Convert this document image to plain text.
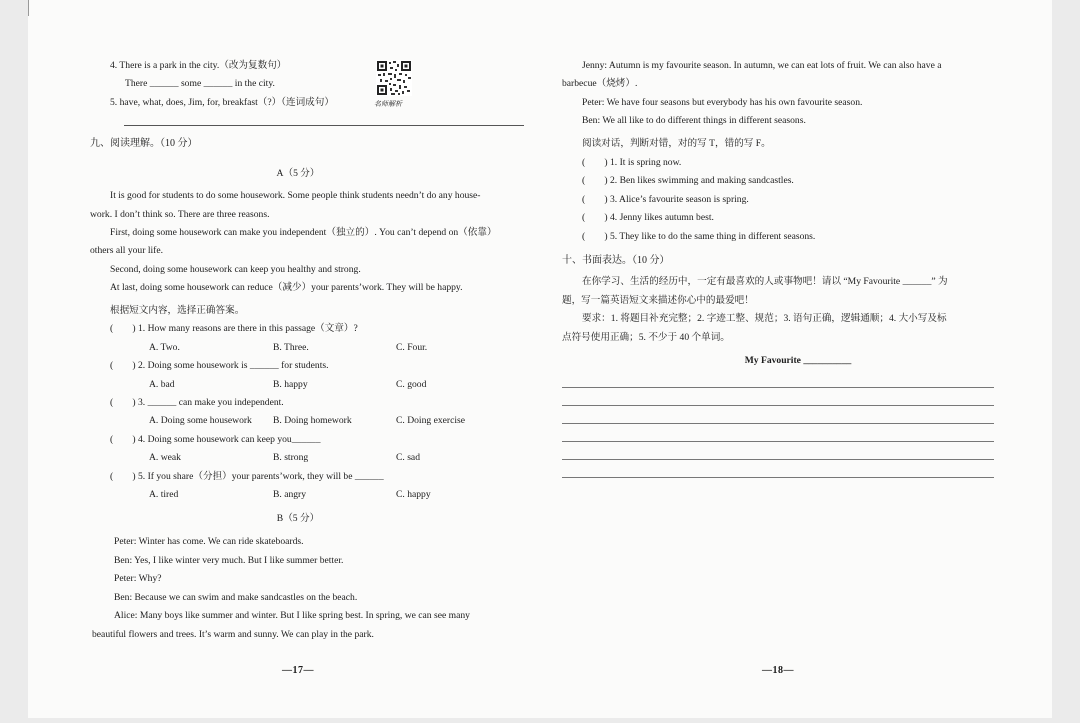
4. There is a park in the city.（改为复数句）
There ______ some ______ in the city.
5. have, what, does, Jim, for, breakfast（?）（连词成句）	名师解析
九、阅读理解。（10 分）
A（5 分）
It is good for students to do some housework. Some people think students needn’t do any house-
work. I don’t think so. There are three reasons.
First, doing some housework can make you independent（独立的）. You can’t depend on（依靠）
others all your life.
Second, doing some housework can keep you healthy and strong.
At last, doing some housework can reduce（减少）your parents’work. They will be happy.
根据短文内容，选择正确答案。
(　　) 1. How many reasons are there in this passage（文章）?
A. Two.	B. Three.	C. Four.
(　　) 2. Doing some housework is ______ for students.
A. bad	B. happy	C. good
(　　) 3. ______ can make you independent.
A. Doing some housework B. Doing homework	C. Doing exercise
(　　) 4. Doing some housework can keep you______
A. weak	B. strong	C. sad
(　　) 5. If you share（分担）your parents’work, they will be ______
A. tired	B. angry	C. happy
B（5 分）
Peter: Winter has come. We can ride skateboards.
Ben: Yes, I like winter very much. But I like summer better.
Peter: Why?
Ben: Because we can swim and make sandcastles on the beach.
Alice: Many boys like summer and winter. But I like spring best. In spring, we can see many
beautiful flowers and trees. It’s warm and sunny. We can play in the park.
—17—
Jenny: Autumn is my favourite season. In autumn, we can eat lots of fruit. We can also have a
barbecue（烧烤）.
Peter: We have four seasons but everybody has his own favourite season.
Ben: We all like to do different things in different seasons.
阅读对话，判断对错，对的写 T，错的写 F。
(　　) 1. It is spring now.
(　　) 2. Ben likes swimming and making sandcastles.
(　　) 3. Alice’s favourite season is spring.
(　　) 4. Jenny likes autumn best.
(　　) 5. They like to do the same thing in different seasons.
十、书面表达。（10 分）
在你学习、生活的经历中，一定有最喜欢的人或事物吧！请以 “My Favourite ______” 为
题，写一篇英语短文来描述你心中的最爱吧！
要求：1. 将题目补充完整；2. 字迹工整、规范；3. 语句正确，逻辑通顺；4. 大小写及标
点符号使用正确；5. 不少于 40 个单词。
My Favourite __________
—18—
